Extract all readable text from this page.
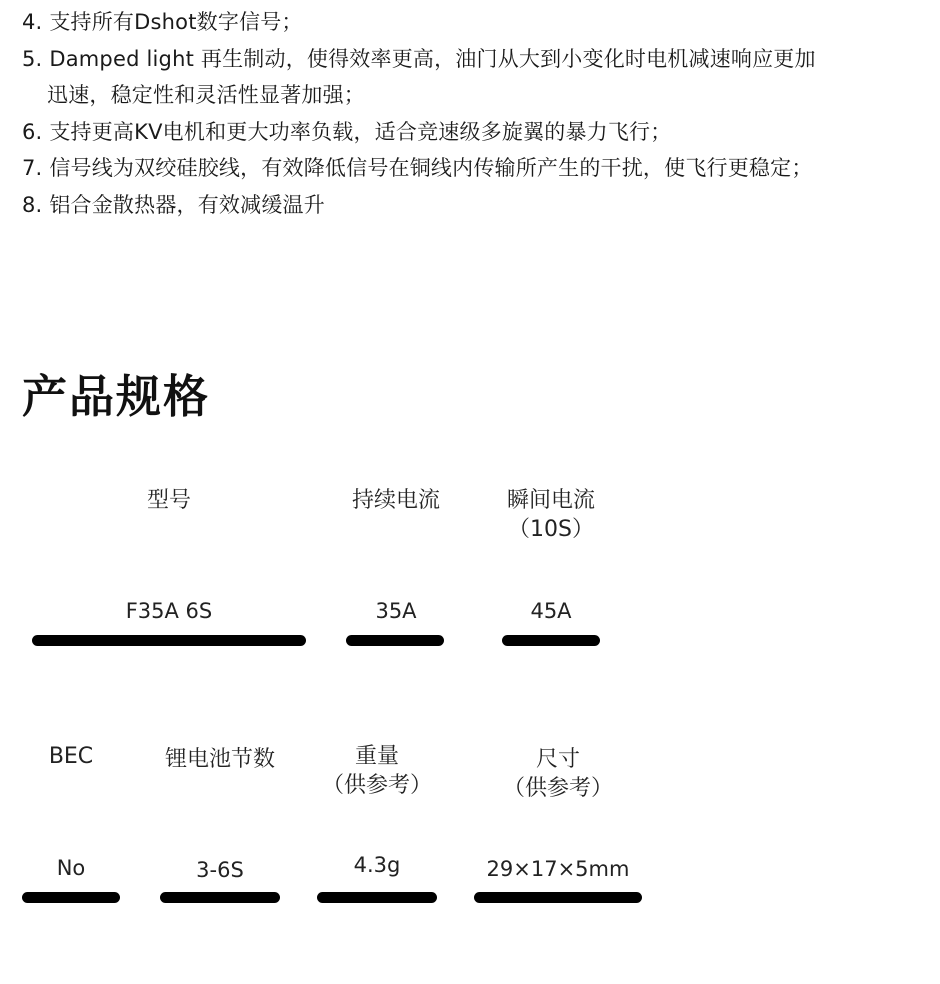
4. 支持所有Dshot数字信号；
5. Damped light 再生制动，使得效率更高，油门从大到小变化时电机减速响应更加
迅速，稳定性和灵活性显著加强；
6. 支持更高KV电机和更大功率负载，适合竞速级多旋翼的暴力飞行；
7. 信号线为双绞硅胶线，有效降低信号在铜线内传输所产生的干扰，使飞行更稳定；
8. 铝合金散热器，有效减缓温升
产品规格
型号
F35A 6S
持续电流
35A
瞬间电流
（10S）
45A
BEC
No
锂电池节数
3-6S
重量
（供参考）
4.3g
尺寸
（供参考）
29×17×5mm
